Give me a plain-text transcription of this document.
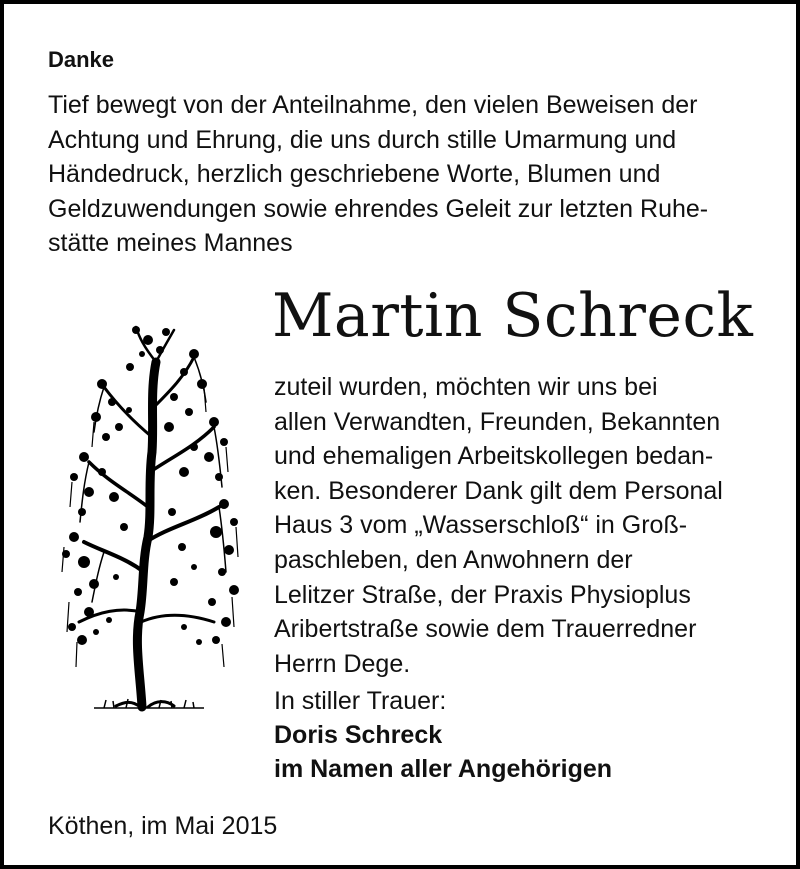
Danke
Tief bewegt von der Anteilnahme, den vielen Beweisen der
Achtung und Ehrung, die uns durch stille Umarmung und
Händedruck, herzlich geschriebene Worte, Blumen und
Geldzuwendungen sowie ehrendes Geleit zur letzten Ruhe-
stätte meines Mannes
Martin Schreck
zuteil wurden, möchten wir uns bei
allen Verwandten, Freunden, Bekannten
und ehemaligen Arbeitskollegen bedan-
ken. Besonderer Dank gilt dem Personal
Haus 3 vom „Wasserschloß“ in Groß-
paschleben, den Anwohnern der
Lelitzer Straße, der Praxis Physioplus
Aribertstraße sowie dem Trauerredner
Herrn Dege.
In stiller Trauer:
Doris Schreck
im Namen aller Angehörigen
Köthen, im Mai 2015
